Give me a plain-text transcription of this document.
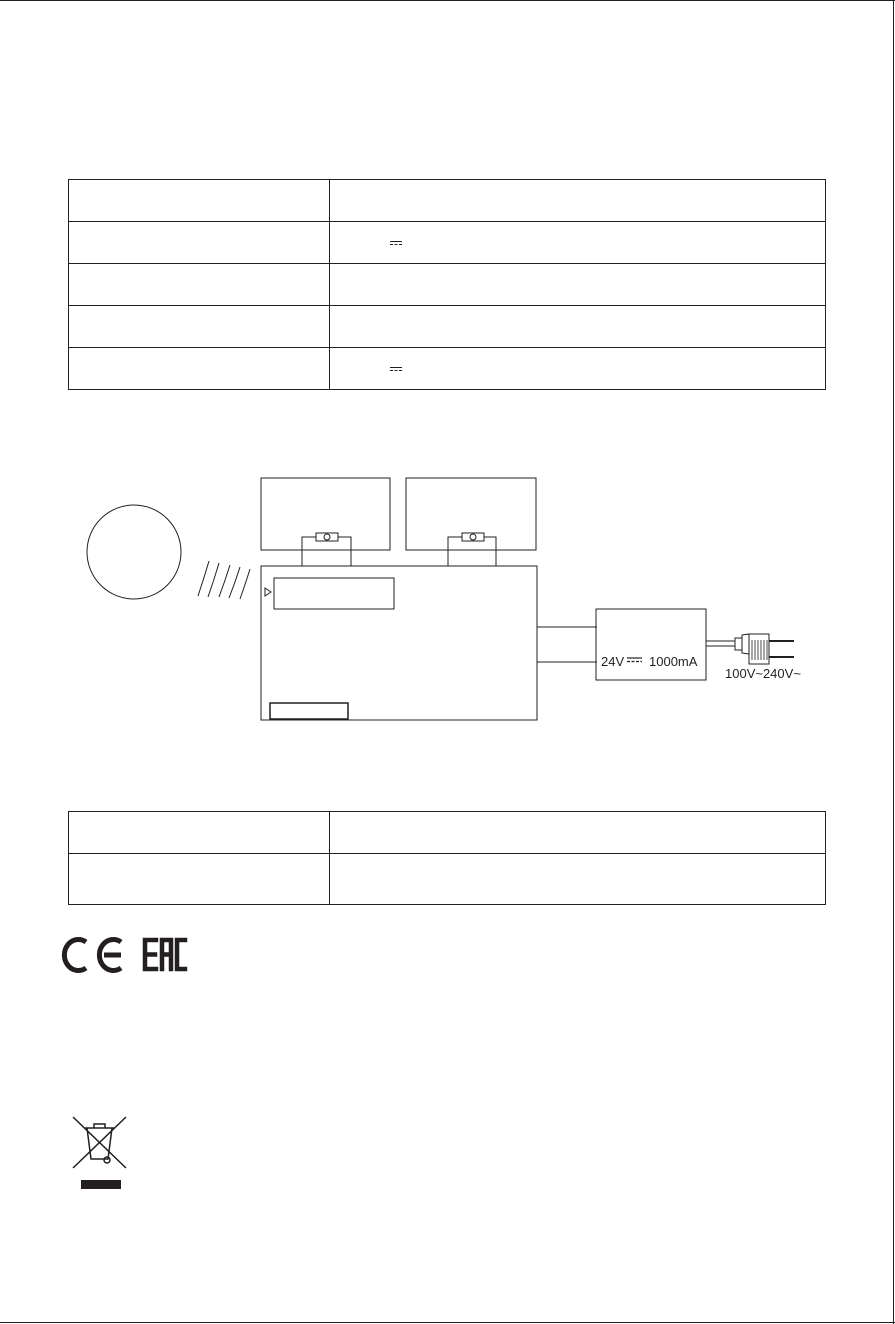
24V 1000mA
100V~240V~
